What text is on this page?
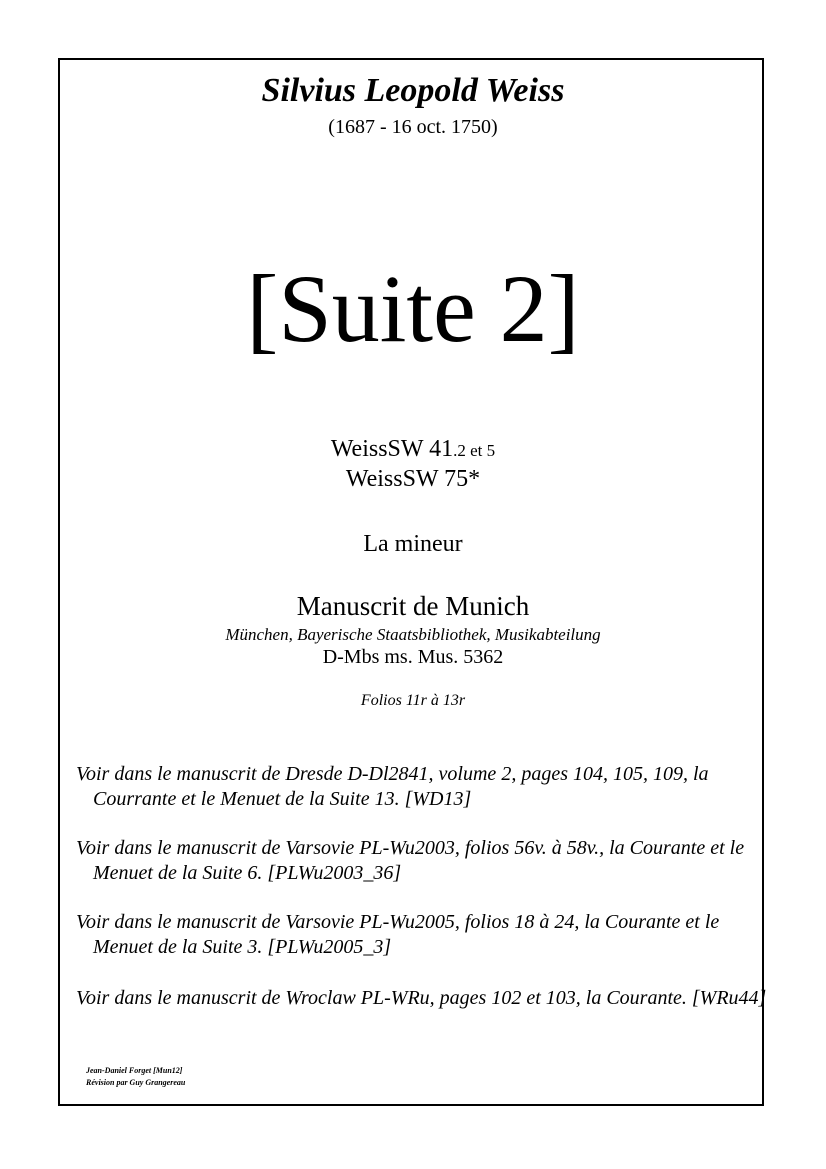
Silvius Leopold Weiss
(1687 - 16 oct. 1750)
[Suite 2]
WeissSW 41.2 et 5
WeissSW 75*
La mineur
Manuscrit de Munich
München, Bayerische Staatsbibliothek, Musikabteilung
D-Mbs ms. Mus. 5362
Folios 11r à 13r
Voir dans le manuscrit de Dresde D-Dl2841, volume 2, pages 104, 105, 109, la Courrante et le Menuet de la Suite 13. [WD13]
Voir dans le manuscrit de Varsovie PL-Wu2003, folios 56v. à 58v., la Courante et le Menuet de la Suite 6. [PLWu2003_36]
Voir dans le manuscrit de Varsovie PL-Wu2005, folios 18 à 24, la Courante et le Menuet de la Suite 3. [PLWu2005_3]
Voir dans le manuscrit de Wroclaw PL-WRu, pages 102 et 103, la Courante. [WRu44]
Jean-Daniel Forget [Mun12]
Révision par Guy Grangereau
